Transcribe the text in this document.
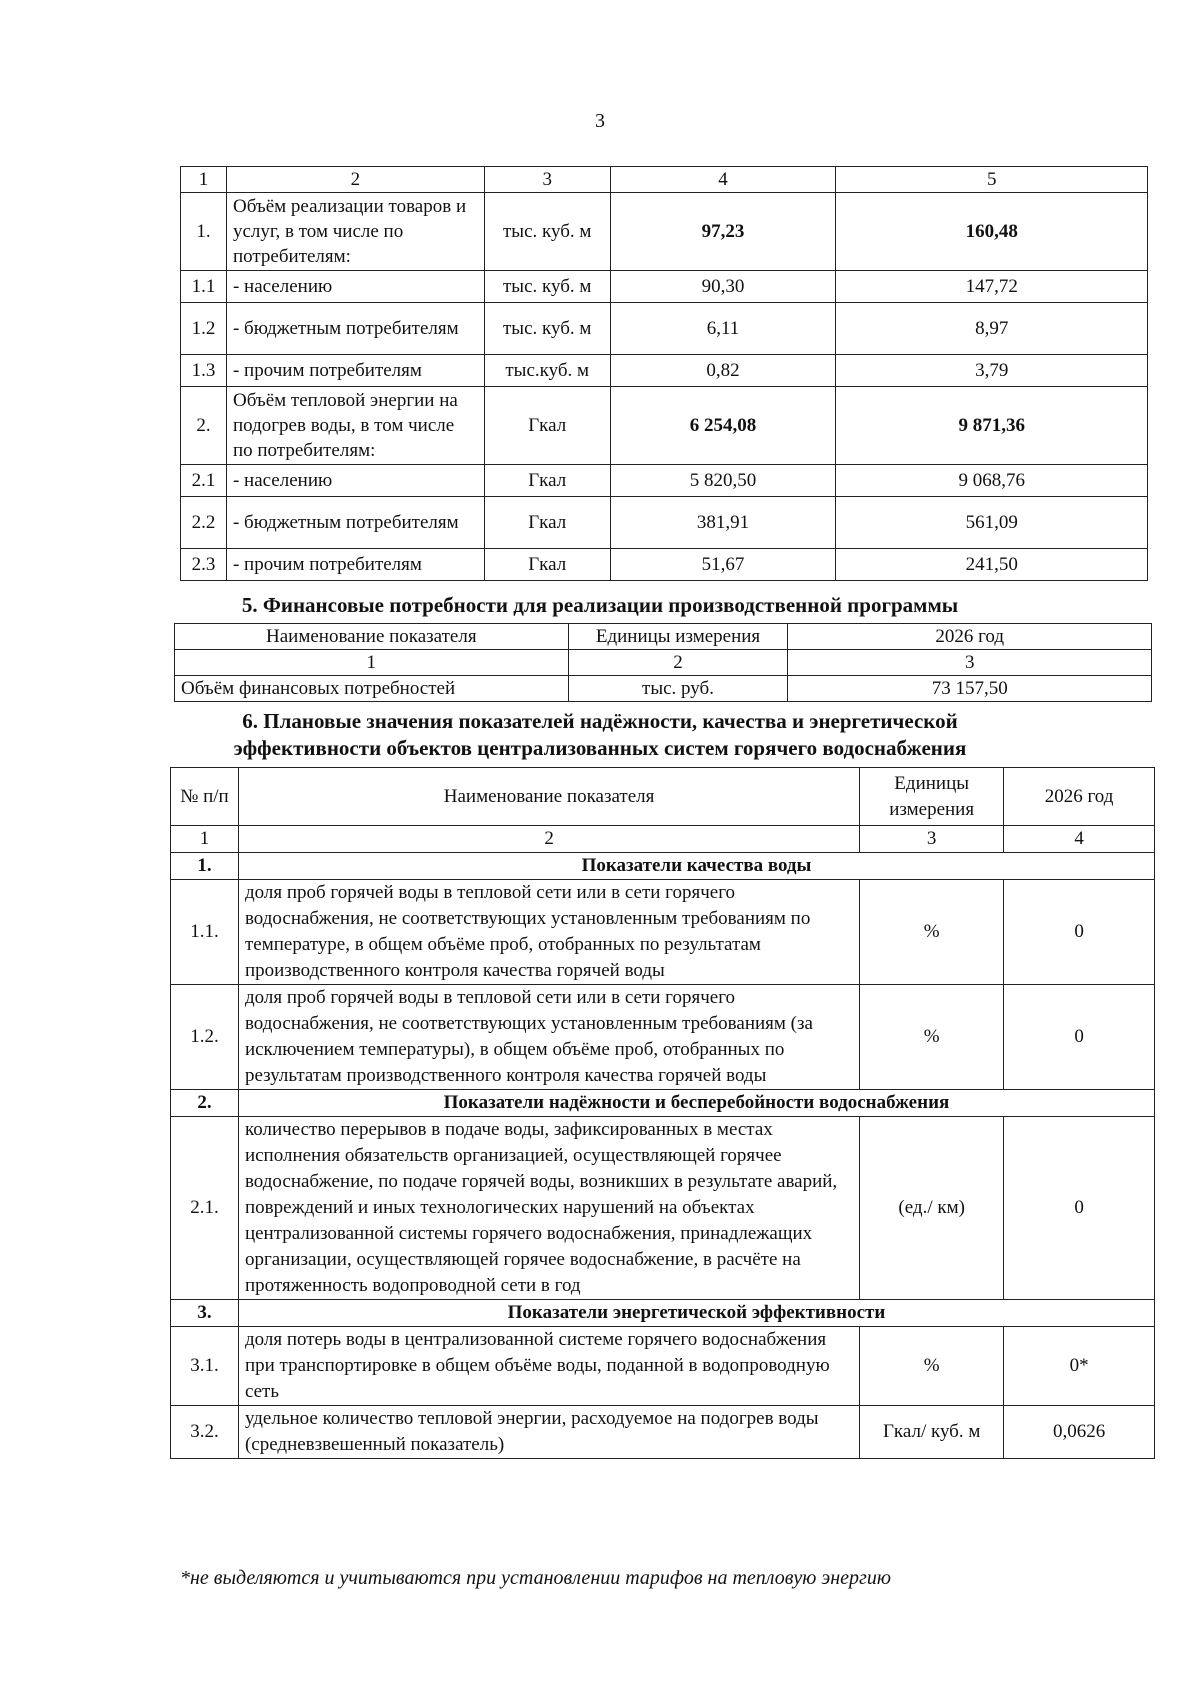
3
1	2	3	4	5
1.	Объём реализации товаров и услуг, в том числе по потребителям:	тыс. куб. м	97,23	160,48
1.1	- населению	тыс. куб. м	90,30	147,72
1.2	- бюджетным потребителям	тыс. куб. м	6,11	8,97
1.3	- прочим потребителям	тыс.куб. м	0,82	3,79
2.	Объём тепловой энергии на подогрев воды, в том числе по потребителям:	Гкал	6 254,08	9 871,36
2.1	- населению	Гкал	5 820,50	9 068,76
2.2	- бюджетным потребителям	Гкал	381,91	561,09
2.3	- прочим потребителям	Гкал	51,67	241,50
5. Финансовые потребности для реализации производственной программы
Наименование показателя	Единицы измерения	2026 год
1	2	3
Объём финансовых потребностей	тыс. руб.	73 157,50
6. Плановые значения показателей надёжности, качества и энергетической
эффективности объектов централизованных систем горячего водоснабжения
№ п/п	Наименование показателя	Единицы измерения	2026 год
1	2	3	4
1.	Показатели качества воды		
1.1.	доля проб горячей воды в тепловой сети или в сети горячего водоснабжения, не соответствующих установленным требованиям по температуре, в общем объёме проб, отобранных по результатам производственного контроля качества горячей воды	%	0
1.2.	доля проб горячей воды в тепловой сети или в сети горячего водоснабжения, не соответствующих установленным требованиям (за исключением температуры), в общем объёме проб, отобранных по результатам производственного контроля качества горячей воды	%	0
2.	Показатели надёжности и бесперебойности водоснабжения		
2.1.	количество перерывов в подаче воды, зафиксированных в местах исполнения обязательств организацией, осуществляющей горячее водоснабжение, по подаче горячей воды, возникших в результате аварий, повреждений и иных технологических нарушений на объектах централизованной системы горячего водоснабжения, принадлежащих организации, осуществляющей горячее водоснабжение, в расчёте на протяженность водопроводной сети в год	(ед./ км)	0
3.	Показатели энергетической эффективности		
3.1.	доля потерь воды в централизованной системе горячего водоснабжения при транспортировке в общем объёме воды, поданной в водопроводную сеть	%	0*
3.2.	удельное количество тепловой энергии, расходуемое на подогрев воды (средневзвешенный показатель)	Гкал/ куб. м	0,0626
*не выделяются и учитываются при установлении тарифов на тепловую энергию
